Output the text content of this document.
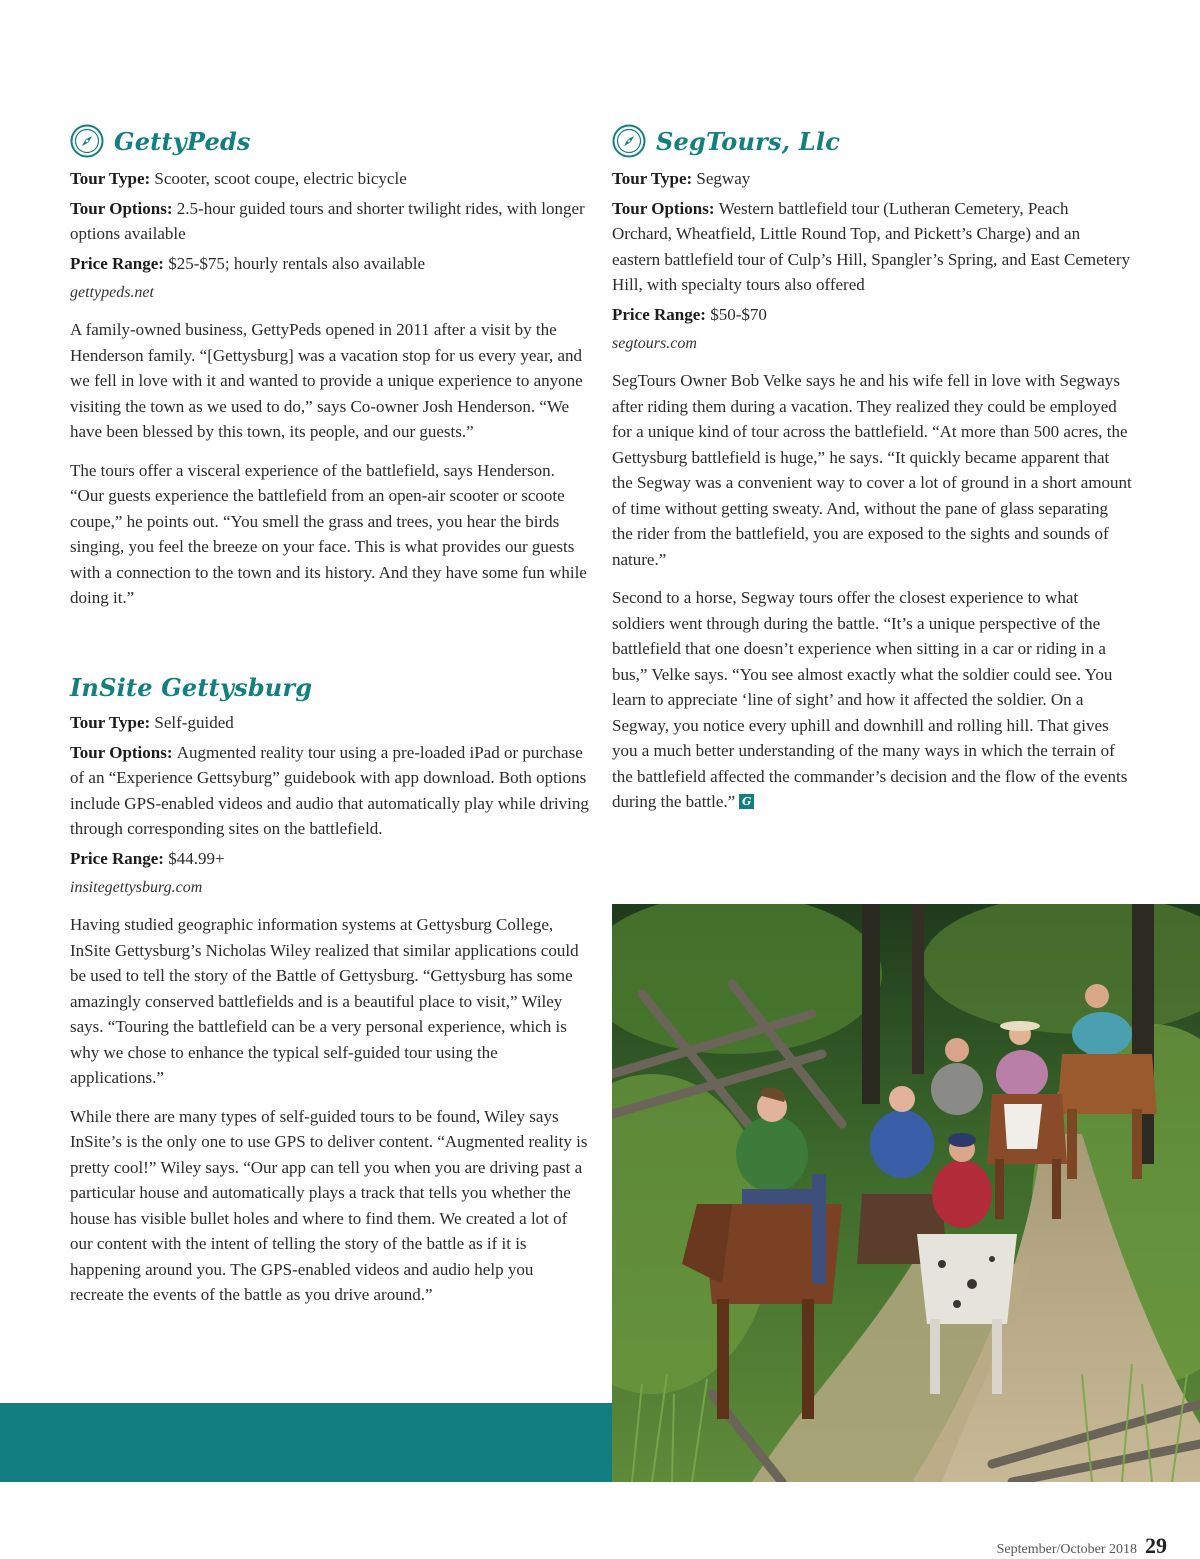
GettyPeds
Tour Type: Scooter, scoot coupe, electric bicycle
Tour Options: 2.5-hour guided tours and shorter twilight rides, with longer options available
Price Range: $25-$75; hourly rentals also available
gettypeds.net

A family-owned business, GettyPeds opened in 2011 after a visit by the Henderson family. “[Gettysburg] was a vacation stop for us every year, and we fell in love with it and wanted to provide a unique experience to anyone visiting the town as we used to do,” says Co-owner Josh Henderson. “We have been blessed by this town, its people, and our guests.”

The tours offer a visceral experience of the battlefield, says Henderson. “Our guests experience the battlefield from an open-air scooter or scoote coupe,” he points out. “You smell the grass and trees, you hear the birds singing, you feel the breeze on your face. This is what provides our guests with a connection to the town and its history. And they have some fun while doing it.”

InSite Gettysburg
Tour Type: Self-guided
Tour Options: Augmented reality tour using a pre-loaded iPad or purchase of an “Experience Gettsyburg” guidebook with app download. Both options include GPS-enabled videos and audio that automatically play while driving through corresponding sites on the battlefield.
Price Range: $44.99+
insitegettysburg.com

Having studied geographic information systems at Gettysburg College, InSite Gettysburg’s Nicholas Wiley realized that similar applications could be used to tell the story of the Battle of Gettysburg. “Gettysburg has some amazingly conserved battlefields and is a beautiful place to visit,” Wiley says. “Touring the battlefield can be a very personal experience, which is why we chose to enhance the typical self-guided tour using the applications.”

While there are many types of self-guided tours to be found, Wiley says InSite’s is the only one to use GPS to deliver content. “Augmented reality is pretty cool!” Wiley says. “Our app can tell you when you are driving past a particular house and automatically plays a track that tells you whether the house has visible bullet holes and where to find them. We created a lot of our content with the intent of telling the story of the battle as if it is happening around you. The GPS-enabled videos and audio help you recreate the events of the battle as you drive around.”

SegTours, Llc
Tour Type: Segway
Tour Options: Western battlefield tour (Lutheran Cemetery, Peach Orchard, Wheatfield, Little Round Top, and Pickett’s Charge) and an eastern battlefield tour of Culp’s Hill, Spangler’s Spring, and East Cemetery Hill, with specialty tours also offered
Price Range: $50-$70
segtours.com

SegTours Owner Bob Velke says he and his wife fell in love with Segways after riding them during a vacation. They realized they could be employed for a unique kind of tour across the battlefield. “At more than 500 acres, the Gettysburg battlefield is huge,” he says. “It quickly became apparent that the Segway was a convenient way to cover a lot of ground in a short amount of time without getting sweaty. And, without the pane of glass separating the rider from the battlefield, you are exposed to the sights and sounds of nature.”

Second to a horse, Segway tours offer the closest experience to what soldiers went through during the battle. “It’s a unique perspective of the battlefield that one doesn’t experience when sitting in a car or riding in a bus,” Velke says. “You see almost exactly what the soldier could see. You learn to appreciate ‘line of sight’ and how it affected the soldier. On a Segway, you notice every uphill and downhill and rolling hill. That gives you a much better understanding of the many ways in which the terrain of the battlefield affected the commander’s decision and the flow of the events during the battle.” G

September/October 2018 29
